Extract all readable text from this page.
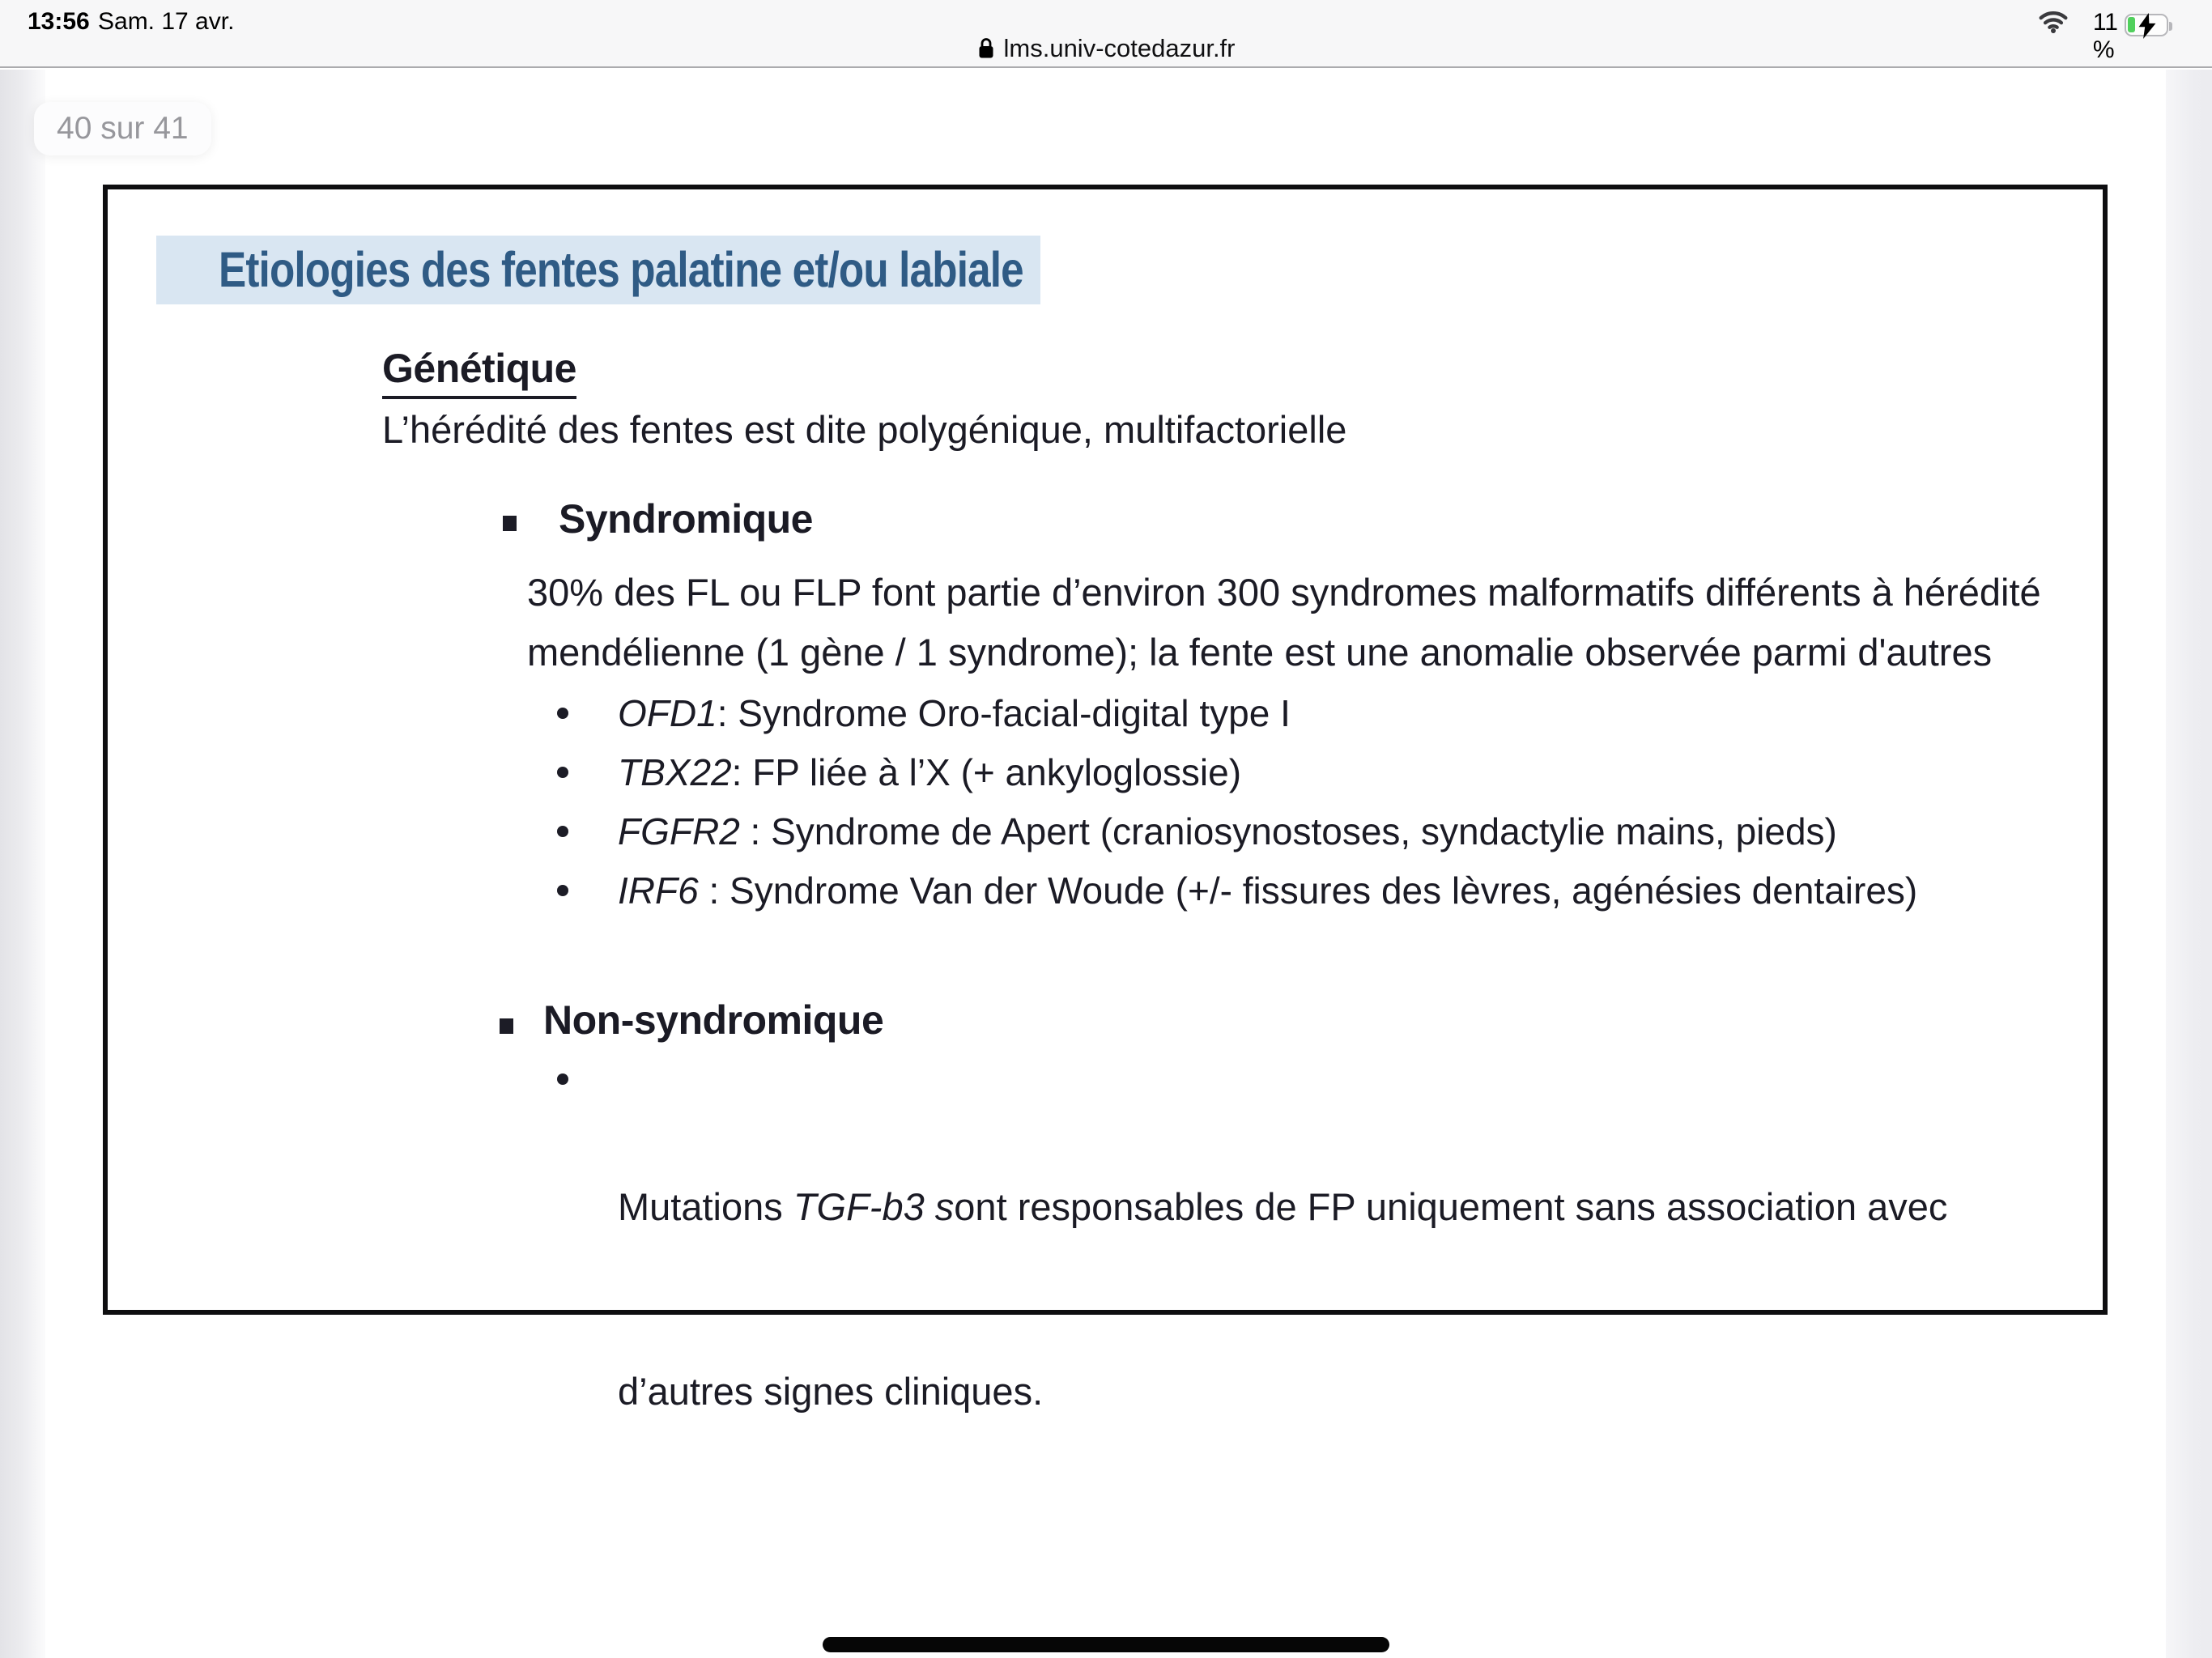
13:56 Sam. 17 avr.
lms.univ-cotedazur.fr
11 %
40 sur 41
Etiologies des fentes palatine et/ou labiale
Génétique
L’hérédité des fentes est dite polygénique, multifactorielle
Syndromique
30% des FL ou FLP font partie d’environ 300 syndromes malformatifs différents à hérédité
mendélienne (1 gène / 1 syndrome); la fente est une anomalie observée parmi d'autres
OFD1 : Syndrome Oro-facial-digital type I
TBX22 : FP liée à l’X (+ ankyloglossie)
FGFR2 : Syndrome de Apert (craniosynostoses, syndactylie mains, pieds)
IRF6 : Syndrome Van der Woude (+/- fissures des lèvres, agénésies dentaires)
Non-syndromique

Mutations TGF-b3 sont responsables de FP uniquement sans association avec

d’autres signes cliniques.
